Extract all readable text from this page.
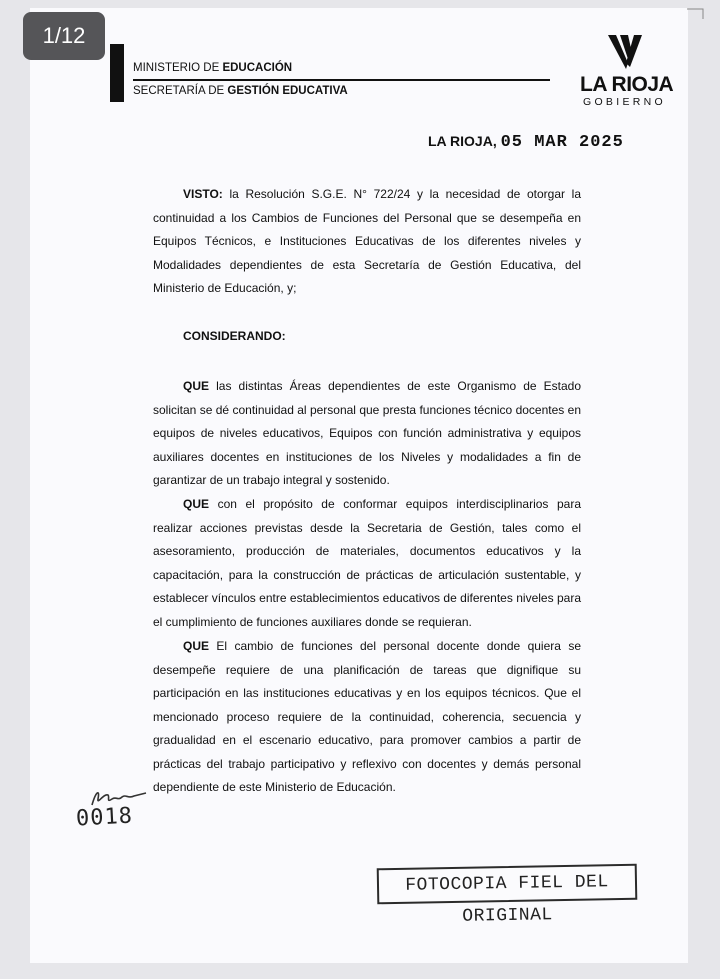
1/12
MINISTERIO DE EDUCACIÓN
SECRETARÍA DE GESTIÓN EDUCATIVA	LA RIOJA
GOBIERNO
LA RIOJA, 05 MAR 2025
VISTO: la Resolución S.G.E. N° 722/24 y la necesidad de otorgar la continuidad a los Cambios de Funciones del Personal que se desempeña en Equipos Técnicos, e Instituciones Educativas de los diferentes niveles y Modalidades dependientes de esta Secretaría de Gestión Educativa, del Ministerio de Educación, y;
CONSIDERANDO:
QUE las distintas Áreas dependientes de este Organismo de Estado solicitan se dé continuidad al personal que presta funciones técnico docentes en equipos de niveles educativos, Equipos con función administrativa y equipos auxiliares docentes en instituciones de los Niveles y modalidades a fin de garantizar de un trabajo integral y sostenido.
QUE con el propósito de conformar equipos interdisciplinarios para realizar acciones previstas desde la Secretaria de Gestión, tales como el asesoramiento, producción de materiales, documentos educativos y la capacitación, para la construcción de prácticas de articulación sustentable, y establecer vínculos entre establecimientos educativos de diferentes niveles para el cumplimiento de funciones auxiliares donde se requieran.
QUE El cambio de funciones del personal docente donde quiera se desempeñe requiere de una planificación de tareas que dignifique su participación en las instituciones educativas y en los equipos técnicos. Que el mencionado proceso requiere de la continuidad, coherencia, secuencia y gradualidad en el escenario educativo, para promover cambios a partir de prácticas del trabajo participativo y reflexivo con docentes y demás personal dependiente de este Ministerio de Educación.
0018
FOTOCOPIA FIEL DEL ORIGINAL
